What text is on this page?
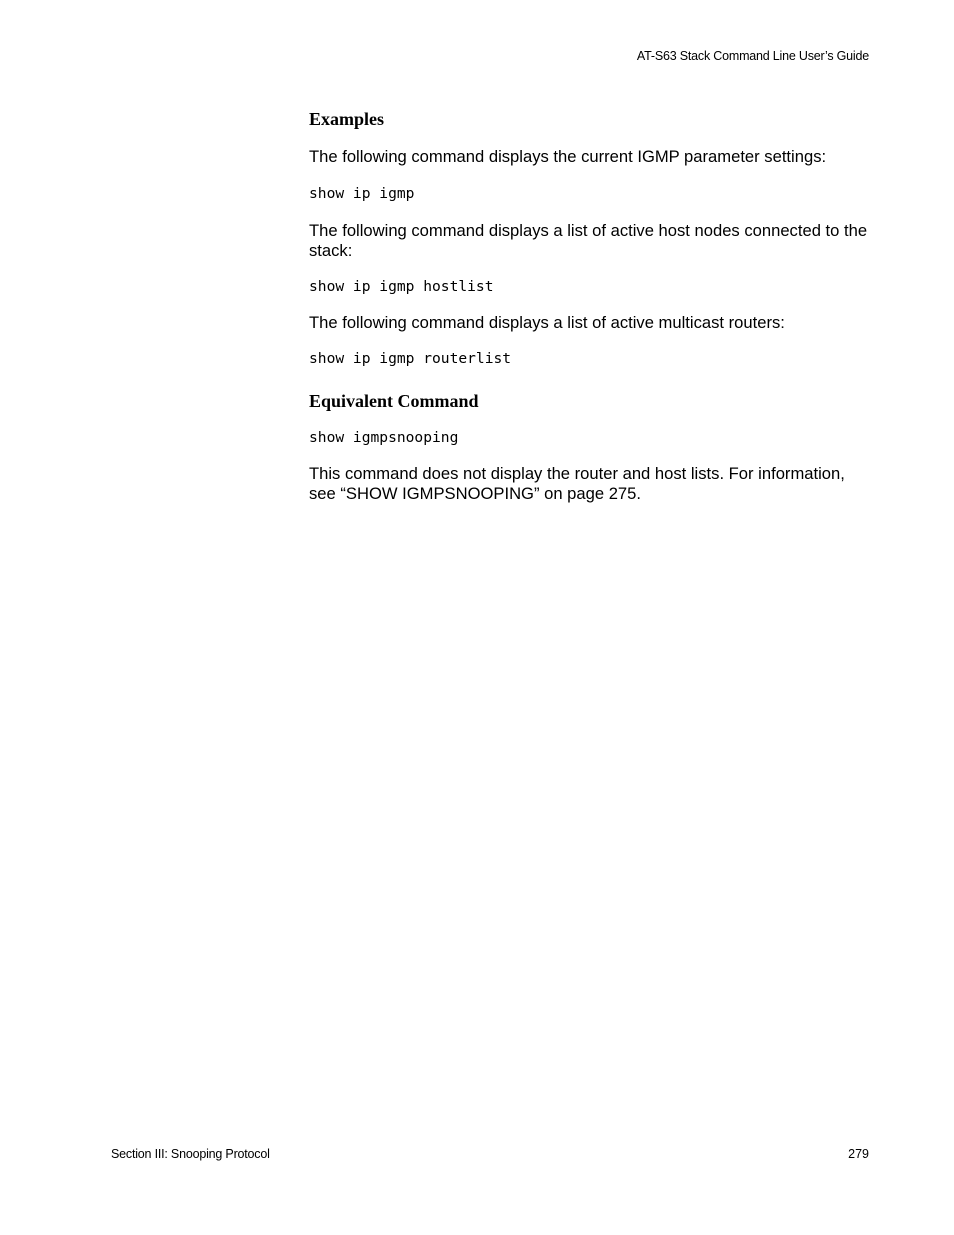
AT-S63 Stack Command Line User’s Guide
Examples

The following command displays the current IGMP parameter settings:

show ip igmp

The following command displays a list of active host nodes connected to the stack:

show ip igmp hostlist

The following command displays a list of active multicast routers:

show ip igmp routerlist

Equivalent Command

show igmpsnooping

This command does not display the router and host lists. For information, see “SHOW IGMPSNOOPING” on page 275.

Section III: Snooping Protocol	279
